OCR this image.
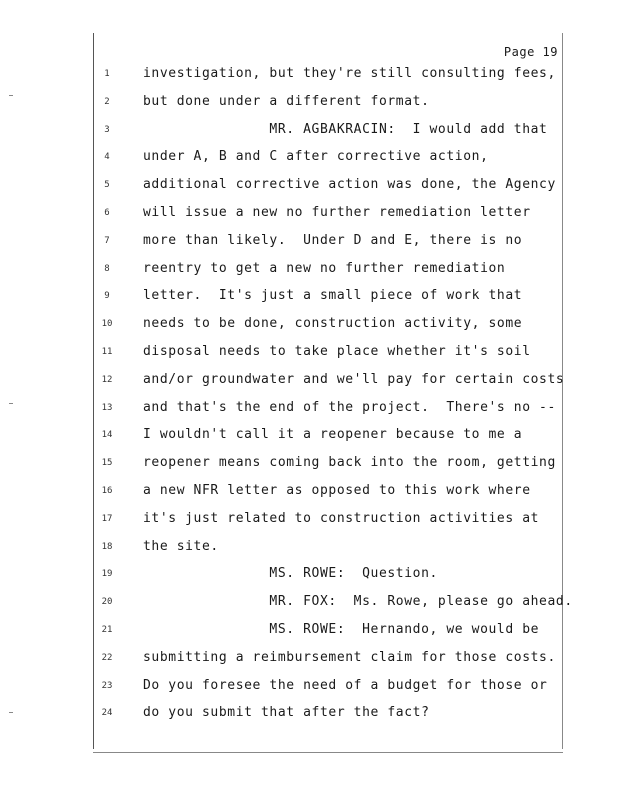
Page 19
1	investigation, but they're still consulting fees,
2	but done under a different format.
3	MR. AGBAKRACIN:  I would add that
4	under A, B and C after corrective action,
5	additional corrective action was done, the Agency
6	will issue a new no further remediation letter
7	more than likely.  Under D and E, there is no
8	reentry to get a new no further remediation
9	letter.  It's just a small piece of work that
10	needs to be done, construction activity, some
11	disposal needs to take place whether it's soil
12	and/or groundwater and we'll pay for certain costs
13	and that's the end of the project.  There's no --
14	I wouldn't call it a reopener because to me a
15	reopener means coming back into the room, getting
16	a new NFR letter as opposed to this work where
17	it's just related to construction activities at
18	the site.
19	MS. ROWE:  Question.
20	MR. FOX:  Ms. Rowe, please go ahead.
21	MS. ROWE:  Hernando, we would be
22	submitting a reimbursement claim for those costs.
23	Do you foresee the need of a budget for those or
24	do you submit that after the fact?
